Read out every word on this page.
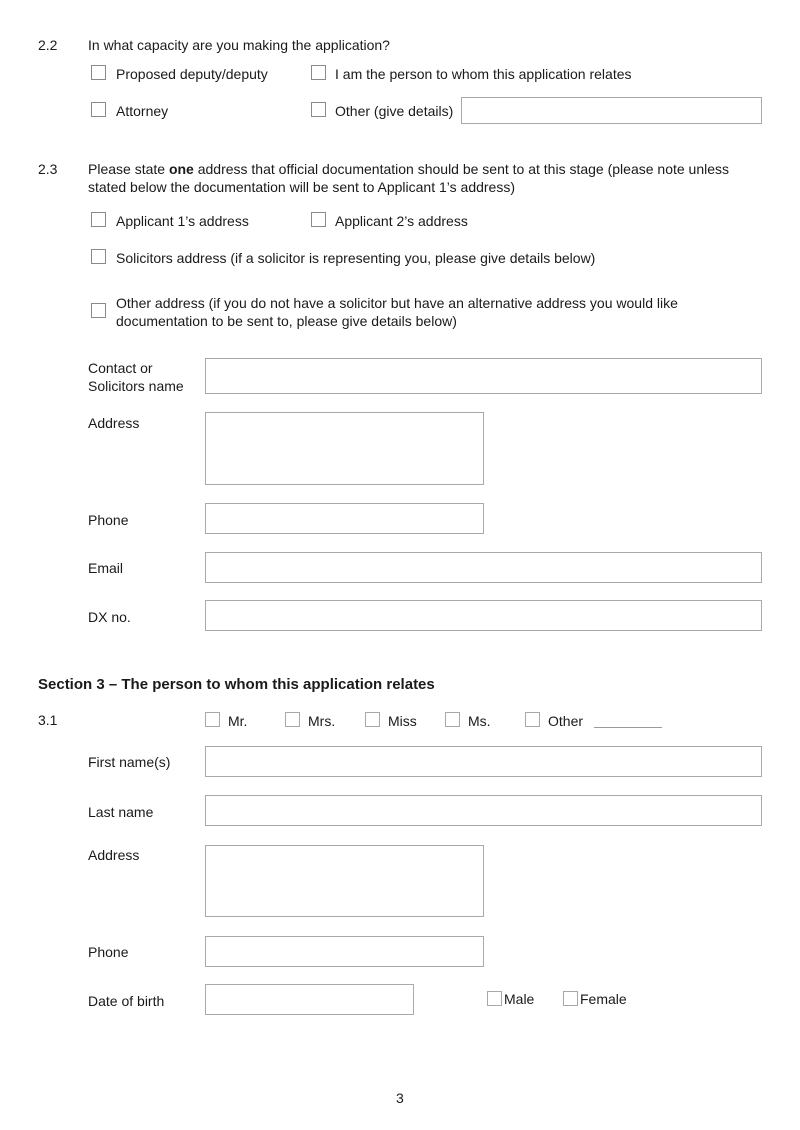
2.2 In what capacity are you making the application?
Proposed deputy/deputy	I am the person to whom this application relates
Attorney	Other (give details)
2.3 Please state one address that official documentation should be sent to at this stage (please note unless stated below the documentation will be sent to Applicant 1’s address)
Applicant 1’s address	Applicant 2’s address
Solicitors address (if a solicitor is representing you, please give details below)
Other address (if you do not have a solicitor but have an alternative address you would like documentation to be sent to, please give details below)
Contact or
Solicitors name
Address
Phone
Email
DX no.
Section 3 – The person to whom this application relates
3.1	Mr.	Mrs.	Miss	Ms.	Other
First name(s)
Last name
Address
Phone
Date of birth	Male	Female
3
